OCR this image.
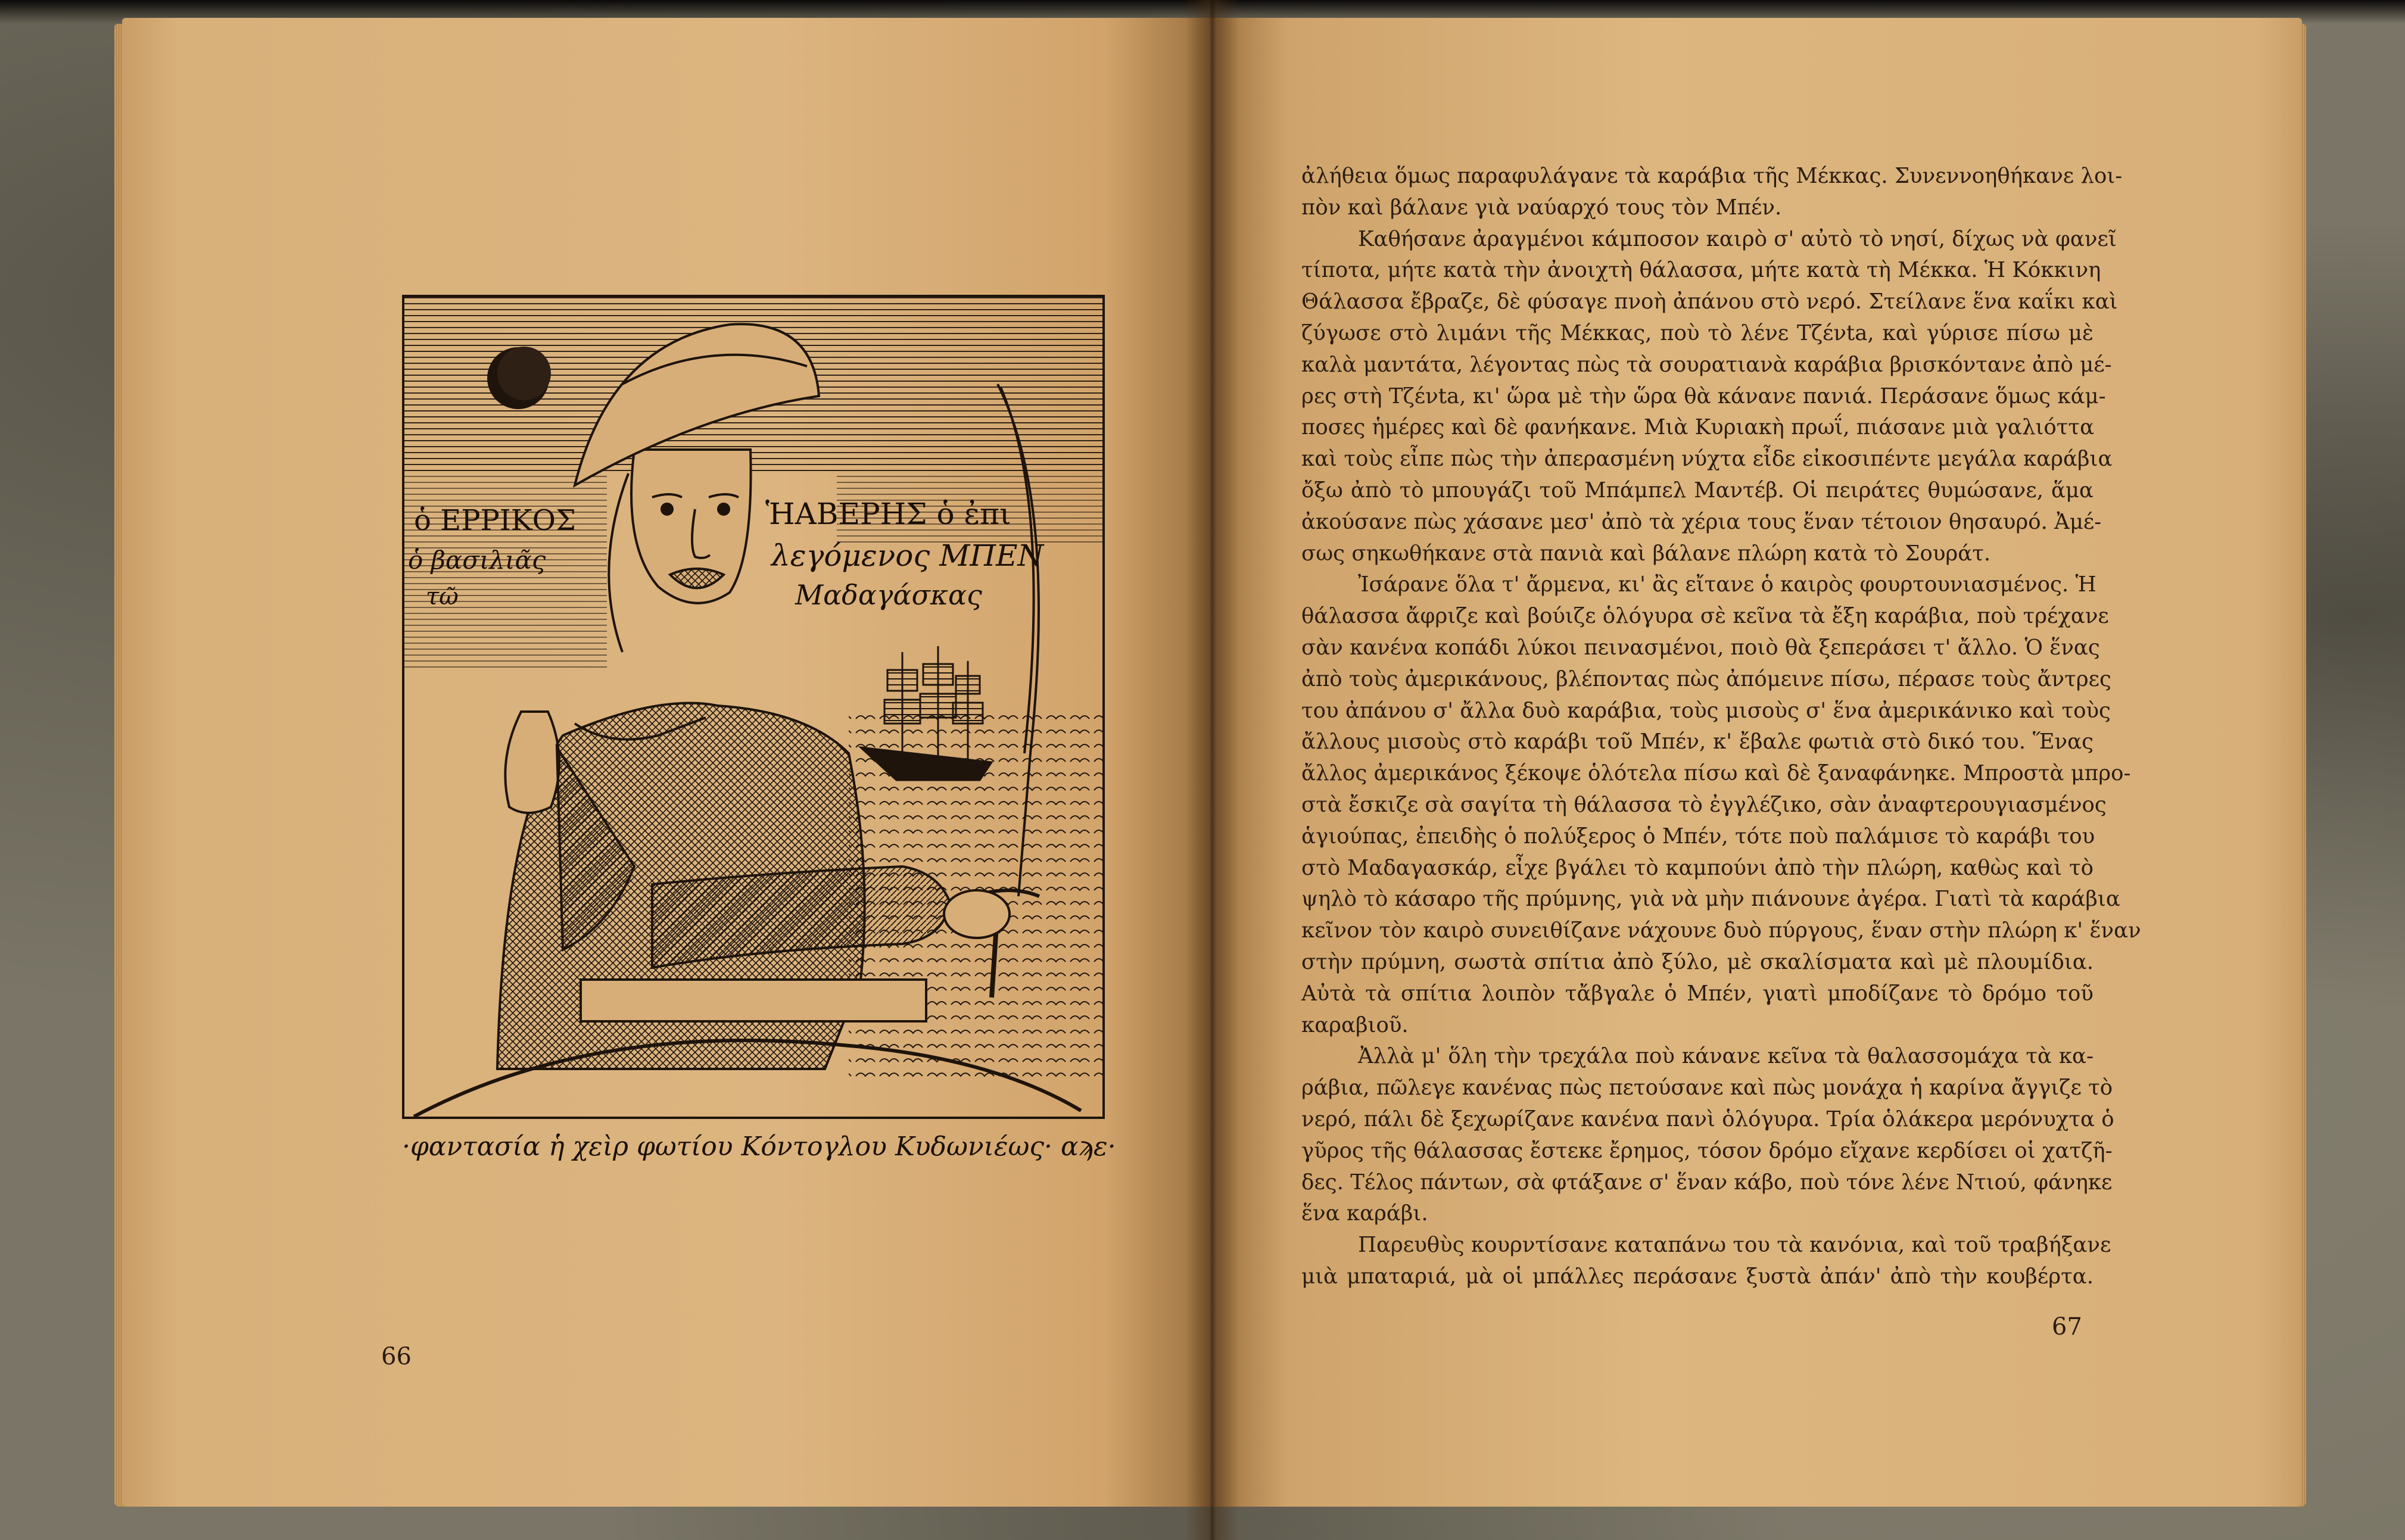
ὁ ΕΡΡΙΚΟΣ
ὁ βασιλιᾶς
τῶ
ἩΑΒΕΡΗΣ ὁ ἐπι
λεγόμενος ΜΠΕΝ
Μαδαγάσκας
·φαντασία ἡ χεὶρ φωτίου Κόντογλου Κυδωνιέως· αϡε·
66

ἀλήθεια ὅμως παραφυλάγανε τὰ καράβια τῆς Μέκκας. Συνεννοηθήκανε λοι-

πὸν καὶ βάλανε γιὰ ναύαρχό τους τὸν Μπέν.

Καθήσανε ἀραγμένοι κάμποσον καιρὸ σ' αὐτὸ τὸ νησί, δίχως νὰ φανεῖ

τίποτα, μήτε κατὰ τὴν ἀνοιχτὴ θάλασσα, μήτε κατὰ τὴ Μέκκα. Ἡ Κόκκινη

Θάλασσα ἔβραζε, δὲ φύσαγε πνοὴ ἀπάνου στὸ νερό. Στείλανε ἕνα καΐκι καὶ

ζύγωσε στὸ λιμάνι τῆς Μέκκας, ποὺ τὸ λένε Τζένta, καὶ γύρισε πίσω μὲ

καλὰ μαντάτα, λέγοντας πὼς τὰ σουρατιανὰ καράβια βρισκόντανε ἀπὸ μέ-

ρες στὴ Τζένta, κι' ὥρα μὲ τὴν ὥρα θὰ κάνανε πανιά. Περάσανε ὅμως κάμ-

ποσες ἡμέρες καὶ δὲ φανήκανε. Μιὰ Κυριακὴ πρωΐ, πιάσανε μιὰ γαλιόττα

καὶ τοὺς εἶπε πὼς τὴν ἀπερασμένη νύχτα εἶδε εἰκοσιπέντε μεγάλα καράβια

ὄξω ἀπὸ τὸ μπουγάζι τοῦ Μπάμπελ Μαντέβ. Οἱ πειράτες θυμώσανε, ἅμα

ἀκούσανε πὼς χάσανε μεσ' ἀπὸ τὰ χέρια τους ἕναν τέτοιον θησαυρό. Ἀμέ-

σως σηκωθήκανε στὰ πανιὰ καὶ βάλανε πλώρη κατὰ τὸ Σουράτ.

Ἰσάρανε ὅλα τ' ἄρμενα, κι' ἂς εἴτανε ὁ καιρὸς φουρτουνιασμένος. Ἡ

θάλασσα ἄφριζε καὶ βούιζε ὁλόγυρα σὲ κεῖνα τὰ ἔξη καράβια, ποὺ τρέχανε

σὰν κανένα κοπάδι λύκοι πεινασμένοι, ποιὸ θὰ ξεπεράσει τ' ἄλλο. Ὁ ἕνας

ἀπὸ τοὺς ἀμερικάνους, βλέποντας πὼς ἀπόμεινε πίσω, πέρασε τοὺς ἄντρες

του ἀπάνου σ' ἄλλα δυὸ καράβια, τοὺς μισοὺς σ' ἕνα ἀμερικάνικο καὶ τοὺς

ἄλλους μισοὺς στὸ καράβι τοῦ Μπέν, κ' ἔβαλε φωτιὰ στὸ δικό του. Ἕνας

ἄλλος ἀμερικάνος ξέκοψε ὁλότελα πίσω καὶ δὲ ξαναφάνηκε. Μπροστὰ μπρο-

στὰ ἔσκιζε σὰ σαγίτα τὴ θάλασσα τὸ ἐγγλέζικο, σὰν ἀναφτερουγιασμένος

ἁγιούπας, ἐπειδὴς ὁ πολύξερος ὁ Μπέν, τότε ποὺ παλάμισε τὸ καράβι του

στὸ Μαδαγασκάρ, εἶχε βγάλει τὸ καμπούνι ἀπὸ τὴν πλώρη, καθὼς καὶ τὸ

ψηλὸ τὸ κάσαρο τῆς πρύμνης, γιὰ νὰ μὴν πιάνουνε ἀγέρα. Γιατὶ τὰ καράβια

κεῖνον τὸν καιρὸ συνειθίζανε νάχουνε δυὸ πύργους, ἕναν στὴν πλώρη κ' ἕναν

στὴν πρύμνη, σωστὰ σπίτια ἀπὸ ξύλο, μὲ σκαλίσματα καὶ μὲ πλουμίδια.

Αὐτὰ τὰ σπίτια λοιπὸν τἄβγαλε ὁ Μπέν, γιατὶ μποδίζανε τὸ δρόμο τοῦ

καραβιοῦ.

Ἀλλὰ μ' ὅλη τὴν τρεχάλα ποὺ κάνανε κεῖνα τὰ θαλασσομάχα τὰ κα-

ράβια, πῶλεγε κανένας πὼς πετούσανε καὶ πὼς μονάχα ἡ καρίνα ἄγγιζε τὸ

νερό, πάλι δὲ ξεχωρίζανε κανένα πανὶ ὁλόγυρα. Τρία ὁλάκερα μερόνυχτα ὁ

γῦρος τῆς θάλασσας ἔστεκε ἔρημος, τόσον δρόμο εἴχανε κερδίσει οἱ χατζῆ-

δες. Τέλος πάντων, σὰ φτάξανε σ' ἕναν κάβο, ποὺ τόνε λένε Ντιού, φάνηκε

ἕνα καράβι.

Παρευθὺς κουρντίσανε καταπάνω του τὰ κανόνια, καὶ τοῦ τραβήξανε

μιὰ μπαταριά, μὰ οἱ μπάλλες περάσανε ξυστὰ ἀπάν' ἀπὸ τὴν κουβέρτα.

67
